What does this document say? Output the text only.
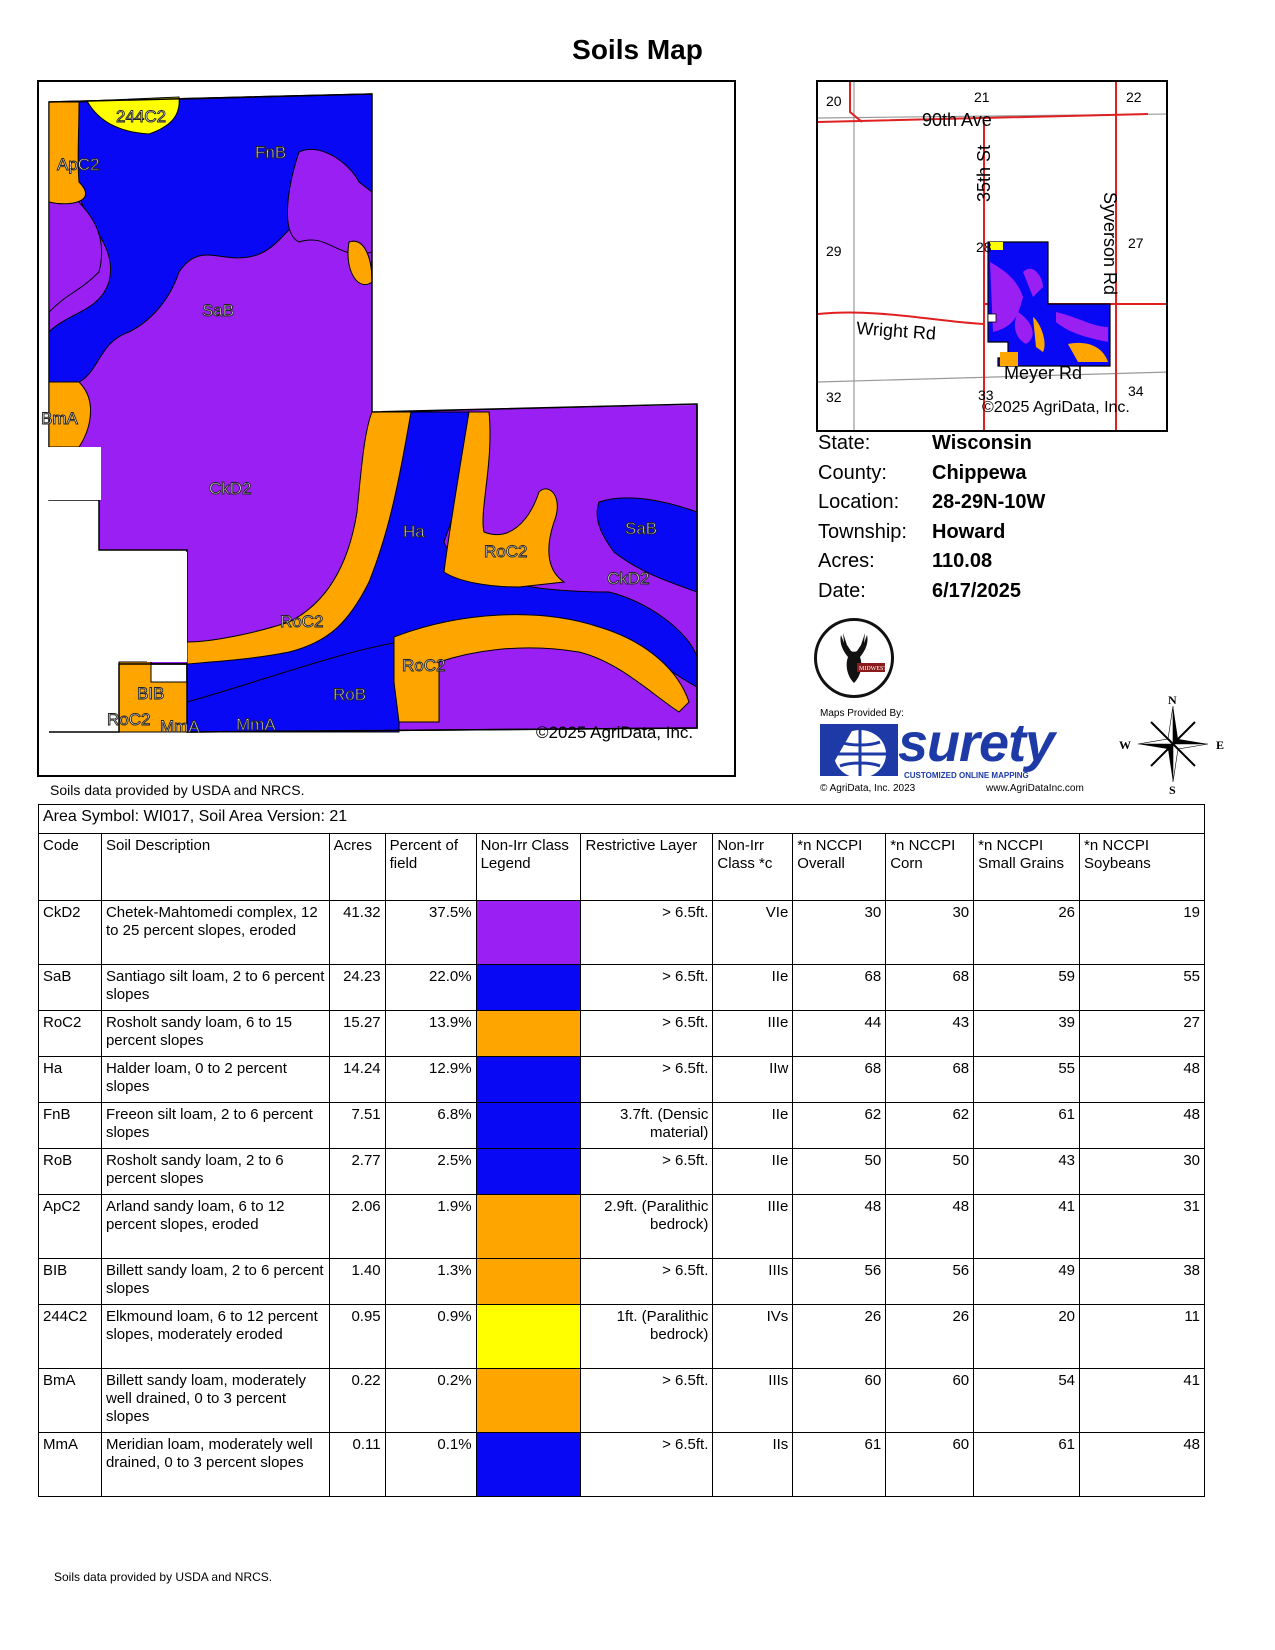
Soils Map
244C2
ApC2
FnB
SaB
BmA
CkD2
Ha
RoC2
SaB
CkD2
RoC2
RoC2
BIB	RoB
RoC2 MmA MmA	©2025 AgriData, Inc.
Soils data provided by USDA and NRCS.
20	21	22
29	27
28
32	33	34
90th Ave
35th St
Syverson Rd
Wright Rd
Meyer Rd
©2025 AgriData, Inc.
State:	Wisconsin
County:	Chippewa
Location:	28-29N-10W
Township:	Howard
Acres:	110.08
Date:	6/17/2025
MIDWEST
Maps Provided By:
surety
CUSTOMIZED ONLINE MAPPING
© AgriData, Inc. 2023	www.AgriDataInc.com
N
S
W	E
Area Symbol: WI017, Soil Area Version: 21										
Code	Soil Description	Acres	Percent of field	Non-Irr Class Legend	Restrictive Layer	Non-Irr Class *c	*n NCCPI Overall	*n NCCPI Corn	*n NCCPI Small Grains	*n NCCPI Soybeans
CkD2	Chetek-Mahtomedi complex, 12 to 25 percent slopes, eroded	41.32	37.5%		> 6.5ft.	VIe	30	30	26	19
SaB	Santiago silt loam, 2 to 6 percent slopes	24.23	22.0%		> 6.5ft.	IIe	68	68	59	55
RoC2	Rosholt sandy loam, 6 to 15 percent slopes	15.27	13.9%		> 6.5ft.	IIIe	44	43	39	27
Ha	Halder loam, 0 to 2 percent slopes	14.24	12.9%		> 6.5ft.	IIw	68	68	55	48
FnB	Freeon silt loam, 2 to 6 percent slopes	7.51	6.8%		3.7ft. (Densic material)	IIe	62	62	61	48
RoB	Rosholt sandy loam, 2 to 6 percent slopes	2.77	2.5%		> 6.5ft.	IIe	50	50	43	30
ApC2	Arland sandy loam, 6 to 12 percent slopes, eroded	2.06	1.9%		2.9ft. (Paralithic bedrock)	IIIe	48	48	41	31
BIB	Billett sandy loam, 2 to 6 percent slopes	1.40	1.3%		> 6.5ft.	IIIs	56	56	49	38
244C2	Elkmound loam, 6 to 12 percent slopes, moderately eroded	0.95	0.9%		1ft. (Paralithic bedrock)	IVs	26	26	20	11
BmA	Billett sandy loam, moderately well drained, 0 to 3 percent slopes	0.22	0.2%		> 6.5ft.	IIIs	60	60	54	41
MmA	Meridian loam, moderately well drained, 0 to 3 percent slopes	0.11	0.1%		> 6.5ft.	IIs	61	60	61	48
Soils data provided by USDA and NRCS.
